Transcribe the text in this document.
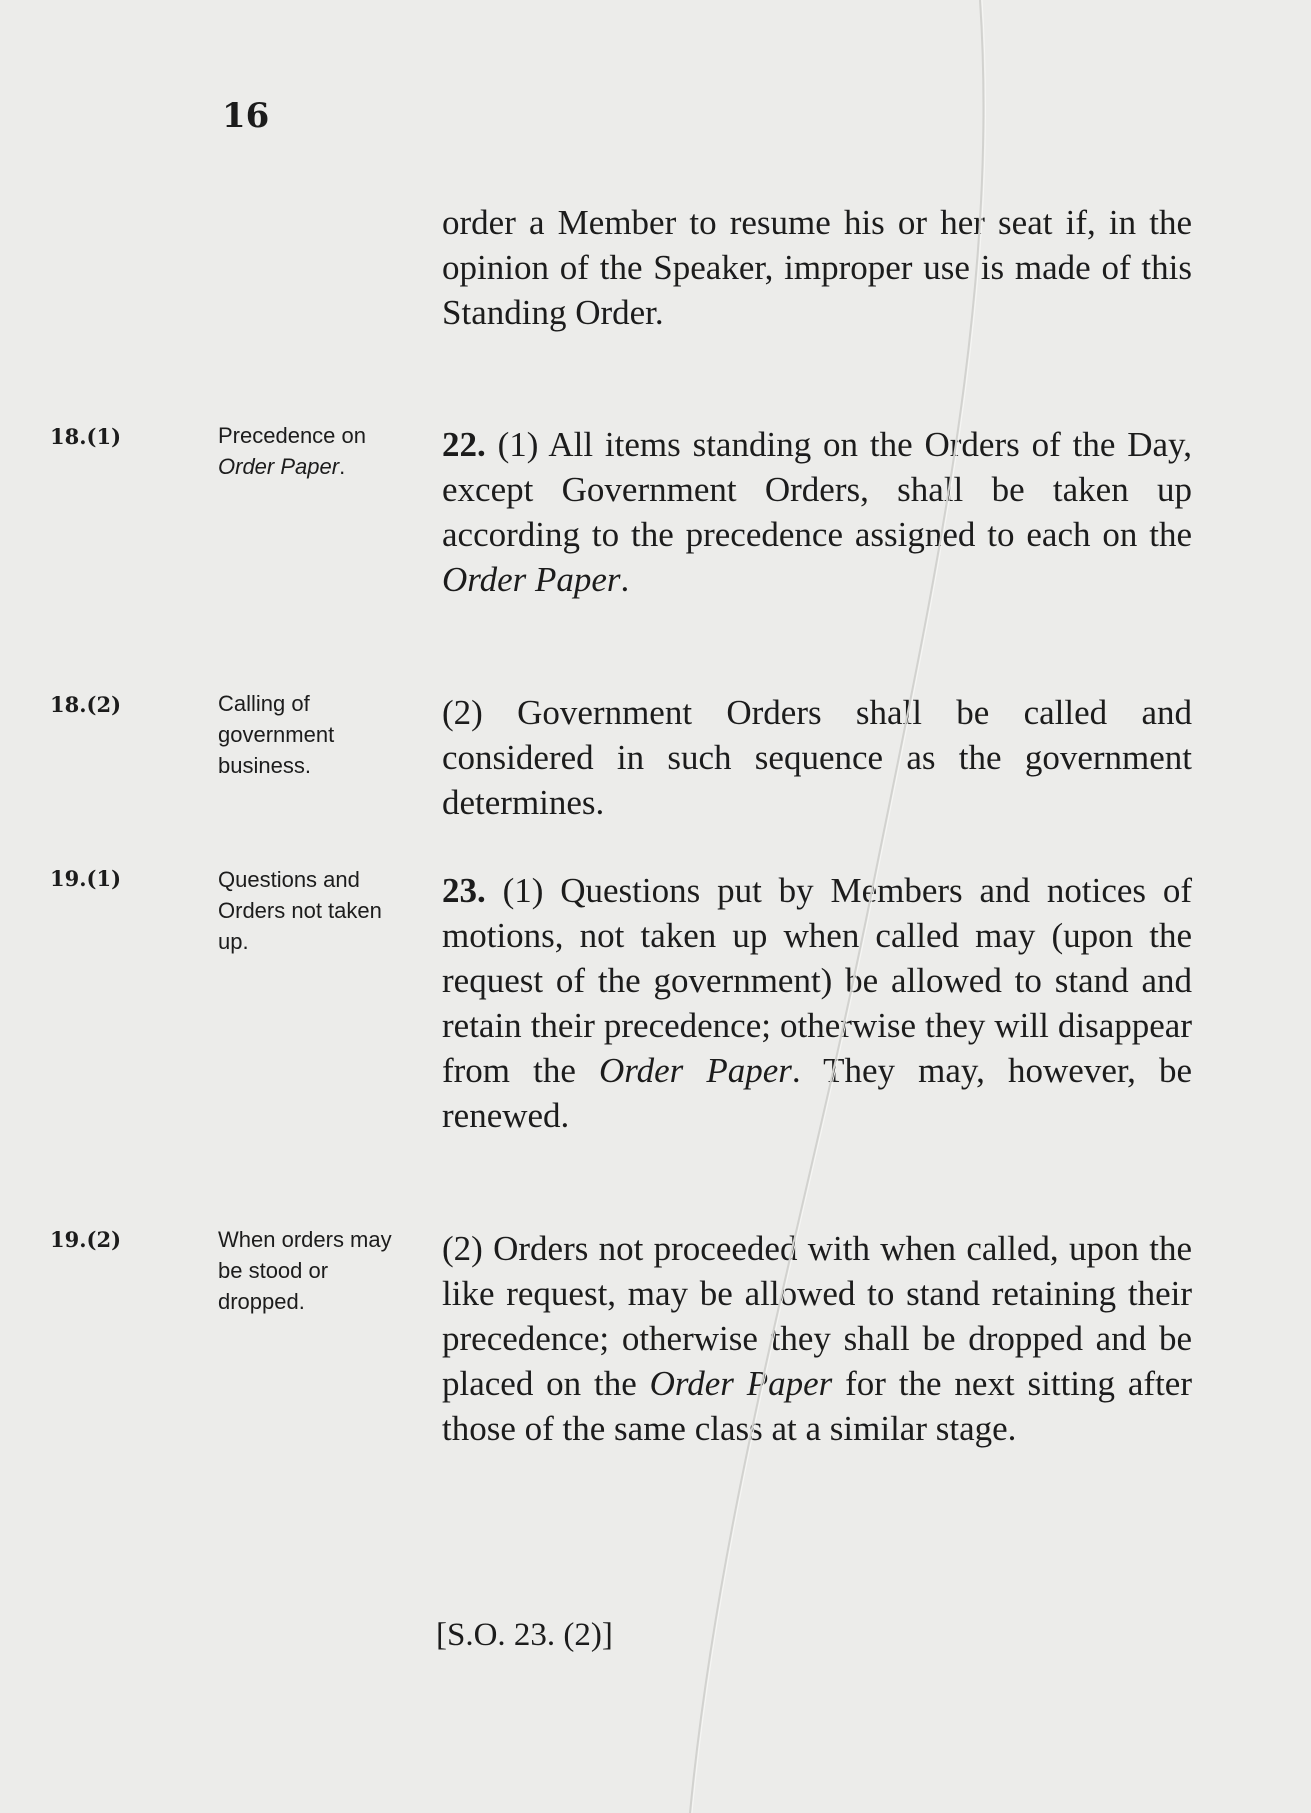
16
order a Member to resume his or her seat if, in the opinion of the Speaker, improper use is made of this Standing Order.
18.(1)	Precedence on Order Paper.
22. (1) All items standing on the Orders of the Day, except Government Orders, shall be taken up according to the precedence assigned to each on the Order Paper.
18.(2)	Calling of government business.
(2) Government Orders shall be called and considered in such sequence as the government determines.
19.(1)	Questions and Orders not taken up.
23. (1) Questions put by Members and notices of motions, not taken up when called may (upon the request of the government) be allowed to stand and retain their precedence; otherwise they will disappear from the Order Paper. They may, however, be renewed.
19.(2)	When orders may be stood or dropped.
(2) Orders not proceeded with when called, upon the like request, may be allowed to stand retaining their precedence; otherwise they shall be dropped and be placed on the Order Paper for the next sitting after those of the same class at a similar stage.
[S.O. 23. (2)]
